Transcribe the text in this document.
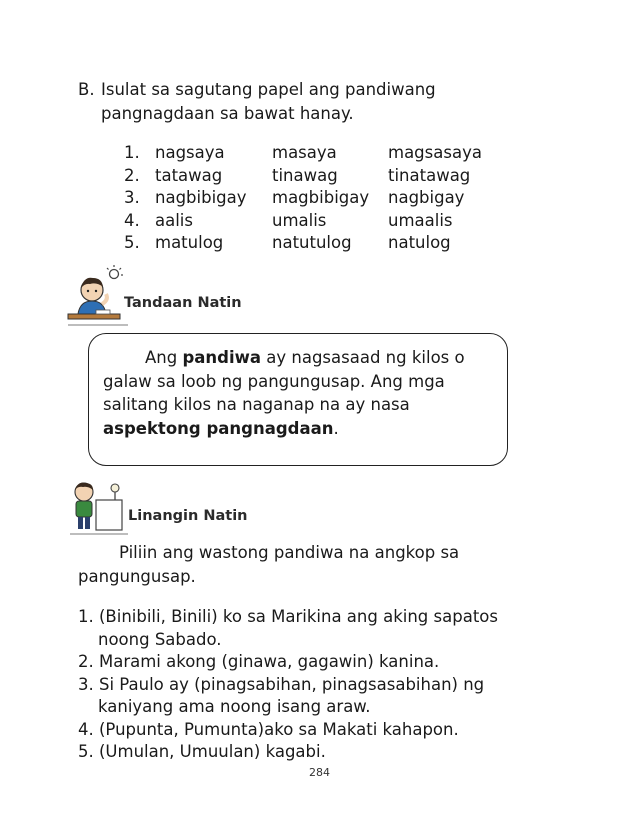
B. Isulat sa sagutang papel ang pandiwang
pangnagdaan sa bawat hanay.
1. nagsaya	masaya	magsasaya
2. tatawag	tinawag	tinatawag
3. nagbibigay magbibigay nagbigay
4. aalis	umalis	umaalis
5. matulog	natutulog natulog
Tandaan Natin
Ang pandiwa ay nagsasaad ng kilos o
galaw sa loob ng pangungusap. Ang mga
salitang kilos na naganap na ay nasa
aspektong pangnagdaan.
Linangin Natin
Piliin ang wastong pandiwa na angkop sa
pangungusap.
1. (Binibili, Binili) ko sa Marikina ang aking sapatos
noong Sabado.
2. Marami akong (ginawa, gagawin) kanina.
3. Si Paulo ay (pinagsabihan, pinagsasabihan) ng
kaniyang ama noong isang araw.
4. (Pupunta, Pumunta)ako sa Makati kahapon.
5. (Umulan, Umuulan) kagabi.
284
